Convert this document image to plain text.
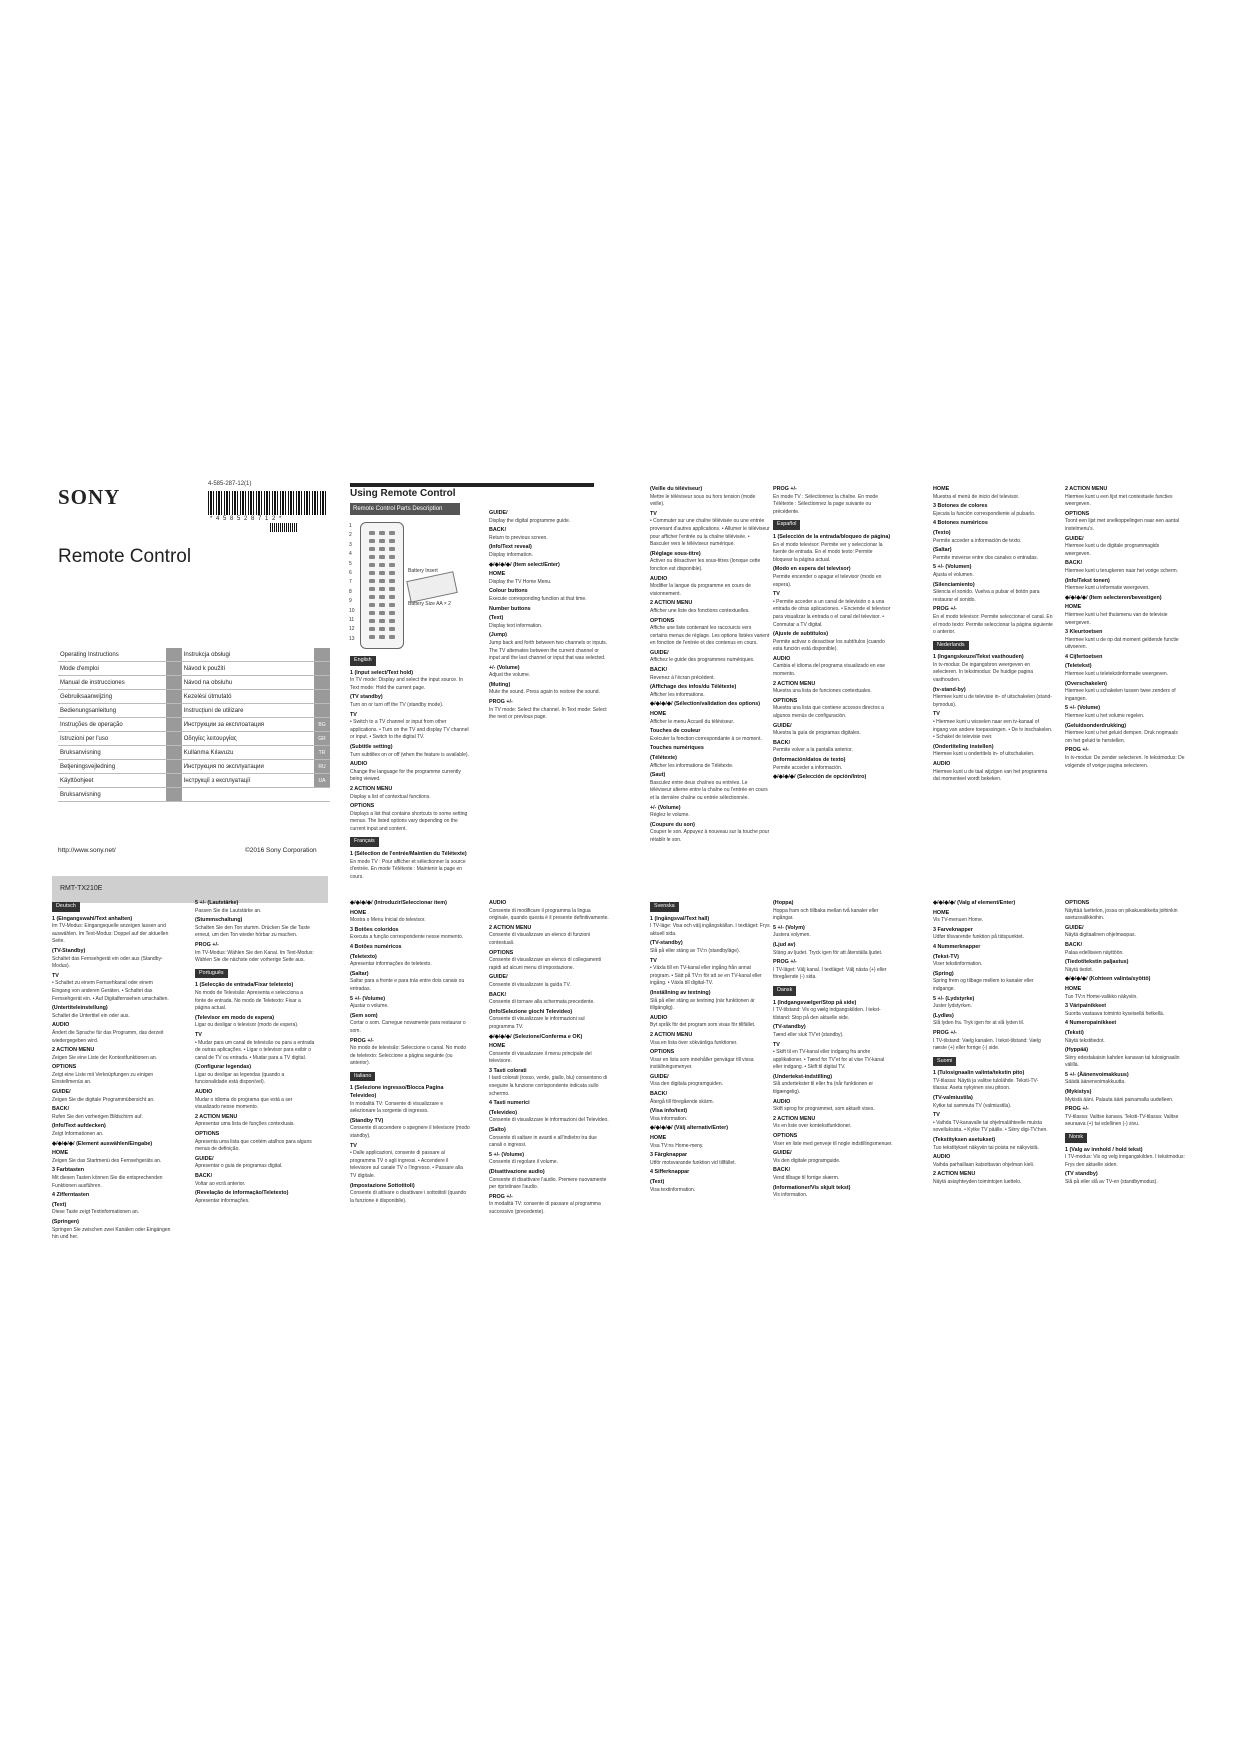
SONY
4-585-287-12(1)
* 4 5 8 5 2 8 7 1 2 *
Remote Control
Operating Instructions		Instrukcja obsługi	
Mode d'emploi		Návod k použití	
Manual de instrucciones		Návod na obsluhu	
Gebruiksaanwijzing		Kezelési útmutató	
Bedienungsanleitung		Instrucțiuni de utilizare	
Instruções de operação		Инструкции за експлоатация	BG
Istruzioni per l'uso		Οδηγίες λειτουργίας	GR
Bruksanvisning		Kullanma Kılavuzu	TR
Betjeningsvejledning		Инструкция по эксплуатации	RU
Käyttöohjeet		Інструкції з експлуатації	UA
Bruksanvisning			
http://www.sony.net/	©2016 Sony Corporation
RMT-TX210E
Using Remote Control
Remote Control Parts Description
1
2
3
4
5
6
7
8
9
10
11
12
13
Battery Insert
Battery Size AA × 2
English

1 (Input select/Text hold)
In TV mode: Display and select the input source. In Text mode: Hold the current page.
(TV standby)
Turn on or turn off the TV (standby mode).
TV
• Switch to a TV channel or input from other applications. • Turn on the TV and display TV channel or input. • Switch to the digital TV.
(Subtitle setting)
Turn subtitles on or off (when the feature is available).
AUDIO
Change the language for the programme currently being viewed.
2 ACTION MENU
Display a list of contextual functions.
OPTIONS
Displays a list that contains shortcuts to some setting menus. The listed options vary depending on the current input and content.
Français

1 (Sélection de l'entrée/Maintien du Télétexte)
En mode TV : Pour afficher et sélectionner la source d'entrée. En mode Télétexte : Maintenir la page en cours.
GUIDE/
Display the digital programme guide.
BACK/
Return to previous screen.
(Info/Text reveal)
Display information.
◆/◆/◆/◆/ (Item select/Enter)
HOME
Display the TV Home Menu.
Colour buttons
Execute corresponding function at that time.
Number buttons
(Text)
Display text information.
(Jump)
Jump back and forth between two channels or inputs. The TV alternates between the current channel or input and the last channel or input that was selected.
+/- (Volume)
Adjust the volume.
(Muting)
Mute the sound. Press again to restore the sound.
PROG +/-
In TV mode: Select the channel. In Text mode: Select the next or previous page.
(Veille du téléviseur)
Mettre le téléviseur sous ou hors tension (mode veille).
TV
• Commuter sur une chaîne télévisée ou une entrée provenant d'autres applications. • Allumer le téléviseur pour afficher l'entrée ou la chaîne télévisée. • Basculer vers le téléviseur numérique.
(Réglage sous-titre)
Activer ou désactiver les sous-titres (lorsque cette fonction est disponible).
AUDIO
Modifier la langue du programme en cours de visionnement.
2 ACTION MENU
Afficher une liste des fonctions contextuelles.
OPTIONS
Affiche une liste contenant les raccourcis vers certains menus de réglage. Les options listées varient en fonction de l'entrée et des contenus en cours.
GUIDE/
Affichez le guide des programmes numériques.
BACK/
Revenez à l'écran précédent.
(Affichage des infos/du Télétexte)
Afficher les informations.
◆/◆/◆/◆/ (Sélection/validation des options)
HOME
Afficher le menu Accueil du téléviseur.
Touches de couleur
Exécuter la fonction correspondante à ce moment.
Touches numériques
(Télétexte)
Afficher les informations de Télétexte.
(Saut)
Basculez entre deux chaînes ou entrées. Le téléviseur alterne entre la chaîne ou l'entrée en cours et la dernière chaîne ou entrée sélectionnée.
+/- (Volume)
Réglez le volume.
(Coupure du son)
Couper le son. Appuyez à nouveau sur la touche pour rétablir le son.
PROG +/-
En mode TV : Sélectionnez la chaîne. En mode Télétexte : Sélectionnez la page suivante ou précédente.
Español

1 (Selección de la entrada/bloqueo de página)
En el modo televisor: Permite ver y seleccionar la fuente de entrada. En el modo texto: Permite bloquear la página actual.
(Modo en espera del televisor)
Permite encender o apagar el televisor (modo en espera).
TV
• Permite acceder a un canal de televisión o a una entrada de otras aplicaciones. • Enciende el televisor para visualizar la entrada o el canal del televisor. • Conmutar a TV digital.
(Ajuste de subtítulos)
Permite activar o desactivar los subtítulos (cuando esta función está disponible).
AUDIO
Cambia el idioma del programa visualizado en ese momento.
2 ACTION MENU
Muestra una lista de funciones contextuales.
OPTIONS
Muestra una lista que contiene accesos directos a algunos menús de configuración.
GUIDE/
Muestra la guía de programas digitales.
BACK/
Permite volver a la pantalla anterior.
(Información/datos de texto)
Permite acceder a información.
◆/◆/◆/◆/ (Selección de opción/Intro)
HOME
Muestra el menú de inicio del televisor.
3 Botones de colores
Ejecuta la función correspondiente al pulsarlo.
4 Botones numéricos
(Texto)
Permite acceder a información de texto.
(Saltar)
Permite moverse entre dos canales o entradas.
5 +/- (Volumen)
Ajusta el volumen.
(Silenciamiento)
Silencia el sonido. Vuelva a pulsar el botón para restaurar el sonido.
PROG +/-
En el modo televisor: Permite seleccionar el canal. En el modo texto: Permite seleccionar la página siguiente o anterior.
Nederlands

1 (Ingangskeuze/Tekst vasthouden)
In tv-modus: De ingangsbron weergeven en selecteren. In tekstmodus: De huidige pagina vasthouden.
(tv-stand-by)
Hiermee kunt u de televisie in- of uitschakelen (stand-bymodus).
TV
• Hiermee kunt u wisselen naar een tv-kanaal of ingang van andere toepassingen. • De tv inschakelen. • Schakel de televisie over.
(Ondertiteling instellen)
Hiermee kunt u ondertitels in- of uitschakelen.
AUDIO
Hiermee kunt u de taal wijzigen van het programma dat momenteel wordt bekeken.
2 ACTION MENU
Hiermee kunt u een lijst met contextuele functies weergeven.
OPTIONS
Toont een lijst met snelkoppelingen naar een aantal instelmenu's.
GUIDE/
Hiermee kunt u de digitale programmagids weergeven.
BACK/
Hiermee kunt u terugkeren naar het vorige scherm.
(Info/Tekst tonen)
Hiermee kunt u informatie weergeven.
◆/◆/◆/◆/ (Item selecteren/bevestigen)
HOME
Hiermee kunt u het thuismenu van de televisie weergeven.
3 Kleurtoetsen
Hiermee kunt u de op dat moment geldende functie uitvoeren.
4 Cijfertoetsen
(Teletekst)
Hiermee kunt u teletekstinformatie weergeven.
(Overschakelen)
Hiermee kunt u schakelen tussen twee zenders of ingangen.
5 +/- (Volume)
Hiermee kunt u het volume regelen.
(Geluidsonderdrukking)
Hiermee kunt u het geluid dempen. Druk nogmaals om het geluid te herstellen.
PROG +/-
In tv-modus: De zender selecteren. In tekstmodus: De volgende of vorige pagina selecteren.
Deutsch

1 (Eingangswahl/Text anhalten)
Im TV-Modus: Eingangsquelle anzeigen lassen und auswählen. Im Text-Modus: Doppel auf der aktuellen Seite.
(TV-Standby)
Schaltet das Fernsehgerät ein oder aus (Standby-Modus).
TV
• Schaltet zu einem Fernsehkanal oder einem Eingang von anderen Geräten. • Schaltet das Fernsehgerät ein. • Auf Digitalfernsehen umschalten.
(Untertiteleinstellung)
Schaltet die Untertitel ein oder aus.
AUDIO
Ändert die Sprache für das Programm, das derzeit wiedergegeben wird.
2 ACTION MENU
Zeigen Sie eine Liste der Kontextfunktionen an.
OPTIONS
Zeigt eine Liste mit Verknüpfungen zu einigen Einstellmenüs an.
GUIDE/
Zeigen Sie die digitale Programmübersicht an.
BACK/
Rufen Sie den vorherigen Bildschirm auf.
(Info/Text aufdecken)
Zeigt Informationen an.
◆/◆/◆/◆/ (Element auswählen/Eingabe)
HOME
Zeigen Sie das Startmenü des Fernsehgeräts an.
3 Farbtasten
Mit diesen Tasten können Sie die entsprechenden Funktionen ausführen.
4 Zifferntasten
(Text)
Diese Taste zeigt Textinformationen an.
(Springen)
Springen Sie zwischen zwei Kanälen oder Eingängen hin und her.
5 +/- (Lautstärke)
Passen Sie die Lautstärke an.
(Stummschaltung)
Schalten Sie den Ton stumm. Drücken Sie die Taste erneut, um den Ton wieder hörbar zu machen.
PROG +/-
Im TV-Modus: Wählen Sie den Kanal. Im Text-Modus: Wählen Sie die nächste oder vorherige Seite aus.
Português

1 (Selecção de entrada/Fixar teletexto)
No modo de Televisão: Apresenta e selecciona a fonte de entrada. No modo de Teletexto: Fixar a página actual.
(Televisor em modo de espera)
Ligar ou desligar o televisor (modo de espera).
TV
• Mudar para um canal de televisão ou para a entrada de outras aplicações. • Ligar o televisor para exibir o canal de TV ou entrada. • Mudar para a TV digital.
(Configurar legendas)
Ligar ou desligar as legendas (quando a funcionalidade está disponível).
AUDIO
Mudar o idioma do programa que está a ser visualizado nesse momento.
2 ACTION MENU
Apresentar uma lista de funções contextuais.
OPTIONS
Apresenta uma lista que contém atalhos para alguns menus de definição.
GUIDE/
Apresentar o guia de programas digital.
BACK/
Voltar ao ecrã anterior.
(Revelação de informação/Teletexto)
Apresentar informações.
◆/◆/◆/◆/ (Introduzir/Seleccionar item)
HOME
Mostra o Menu Inicial do televisor.
3 Botões coloridos
Executa a função correspondente nesse momento.
4 Botões numéricos
(Teletexto)
Apresentar informações de teletexto.
(Saltar)
Saltar para a frente e para trás entre dois canais ou entradas.
5 +/- (Volume)
Ajustar o volume.
(Sem som)
Cortar o som. Carregue novamente para restaurar o som.
PROG +/-
No modo de televisão: Seleccione o canal. No modo de teletexto: Seleccione a página seguinte (ou anterior).
Italiano

1 (Selezione ingresso/Blocca Pagina Televideo)
In modalità TV: Consente di visualizzare e selezionare la sorgente di ingresso.
(Standby TV)
Consente di accendere o spegnere il televisore (modo standby).
TV
• Dalle applicazioni, consente di passare al programma TV o agli ingressi. • Accendere il televisore sul canale TV o l'ingresso. • Passare alla TV digitale.
(Impostazione Sottotitoli)
Consente di attivare o disattivare i sottotitoli (quando la funzione è disponibile).
AUDIO
Consente di modificare il programma la lingua originale, quando questa è il presente definitivamente.
2 ACTION MENU
Consente di visualizzare un elenco di funzioni contestuali.
OPTIONS
Consente di visualizzare un elenco di collegamenti rapidi ad alcuni menu di impostazione.
GUIDE/
Consente di visualizzare la guida TV.
BACK/
Consente di tornare alla schermata precedente.
(Info/Selezione giochi Televideo)
Consente di visualizzare le informazioni sul programma TV.
◆/◆/◆/◆/ (Selezione/Conferma e OK)
HOME
Consente di visualizzare il menu principale del televisore.
3 Tasti colorati
I tasti colorati (rosso, verde, giallo, blu) consentono di eseguire la funzione corrispondente indicata sullo schermo.
4 Tasti numerici
(Televideo)
Consente di visualizzare le informazioni del Televideo.
(Salto)
Consente di saltare in avanti e all'indietro tra due canali o ingressi.
5 +/- (Volume)
Consente di regolare il volume.
(Disattivazione audio)
Consente di disattivare l'audio. Premere nuovamente per ripristinare l'audio.
PROG +/-
In modalità TV: consente di passare al programma successivo (precedente).
Svenska

1 (Ingångsval/Text hall)
I TV-läge: Visa och välj ingångskällan. I textläget: Frys aktuell sida.
(TV-standby)
Slå på eller stäng av TV:n (standbyläge).
TV
• Växla till en TV-kanal eller ingång från annat program. • Sätt på TV:n för att se en TV-kanal eller ingång. • Växla till digital-TV.
(Inställning av textning)
Slå på eller stäng av textning (när funktionen är tillgänglig).
AUDIO
Byt språk för det program som visas för tillfället.
2 ACTION MENU
Visa en lista över sökvänliga funktioner.
OPTIONS
Visar en lista som innehåller genvägar till vissa inställningsmenyer.
GUIDE/
Visa den digitala programguiden.
BACK/
Återgå till föregående skärm.
(Visa info/text)
Visa information.
◆/◆/◆/◆/ (Välj alternativ/Enter)
HOME
Visa TV:ns Home-meny.
3 Färgknappar
Utför motsvarande funktion vid tillfället.
4 Sifferknappar
(Text)
Visa textinformation.
(Hoppa)
Hoppa fram och tillbaka mellan två kanaler eller ingångar.
5 +/- (Volym)
Justera volymen.
(Ljud av)
Stäng av ljudet. Tryck igen för att återställa ljudet.
PROG +/-
I TV-läget: Välj kanal. I textläget: Välj nästa (+) eller föregående (-) sida.
Dansk

1 (Indgangsvælger/Stop på side)
I TV-tilstand: Vis og vælg indgangskilden. I tekst-tilstand: Stop på den aktuelle side.
(TV-standby)
Tænd eller sluk TV'et (standby).
TV
• Skift til en TV-kanal eller indgang fra andre applikationer. • Tænd for TV'et for at vise TV-kanal eller indgang. • Skift til digital TV.
(Undertekst-indstilling)
Slå undertekster til eller fra (når funktionen er tilgængelig).
AUDIO
Skift sprog for programmet, som aktuelt vises.
2 ACTION MENU
Vis en liste over kontekstfunktioner.
OPTIONS
Viser en liste med genveje til nogle indstillingsmenuer.
GUIDE/
Vis den digitale programguide.
BACK/
Vend tilbage til forrige skærm.
(Informationer/Vis skjult tekst)
Vis information.
◆/◆/◆/◆/ (Valg af element/Enter)
HOME
Vis TV-menuen Home.
3 Farveknapper
Udfør tilsvarende funktion på tidspunktet.
4 Nummerknapper
(Tekst-TV)
Viser tekstinformation.
(Spring)
Spring frem og tilbage mellem to kanaler eller indgange.
5 +/- (Lydstyrke)
Juster lydstyrken.
(Lydløs)
Slå lyden fra. Tryk igen for at slå lyden til.
PROG +/-
I TV-tilstand: Vælg kanalen. I tekst-tilstand: Vælg næste (+) eller forrige (-) side.
Suomi

1 (Tulosignaalin valinta/tekstin pito)
TV-tilassa: Näytä ja valitse tulolähde. Teksti-TV-tilassa: Aseta nykyinen sivu pitoon.
(TV-valmiustila)
Kytke tai sammuta TV (valmiustila).
TV
• Vaihda TV-kanavalle tai ohjelmalähteelle muista sovelluksista. • Kytke TV päälle. • Siirry digi-TV:hen.
(Tekstityksen asetukset)
Tuo tekstitykset näkyviin tai poista ne näkyvistä.
AUDIO
Vaihda parhaillaan katsottavan ohjelman kieli.
2 ACTION MENU
Näytä asiayhteyden toimintojen luettelo.
OPTIONS
Näyttää luettelon, jossa on pikakuvakkeita joihinkin asetusvalikkoihin.
GUIDE/
Näytä digitaalinen ohjelmaopas.
BACK/
Palaa edelliseen näyttöön.
(Tiedot/tekstin paljastus)
Näytä tiedot.
◆/◆/◆/◆/ (Kohteen valinta/syöttö)
HOME
Tuo TV:n Home-valikko näkyviin.
3 Väripainikkeet
Suorita vastaava toiminto kyseisellä hetkellä.
4 Numeropainikkeet
(Teksti)
Näytä tekstitiedot.
(Hyppää)
Siirry edestakaisin kahden kanavan tai tulosignaalin välillä.
5 +/- (Äänenvoimakkuus)
Säädä äänenvoimakkuutta.
(Mykistys)
Mykistä ääni. Palauta ääni painamalla uudelleen.
PROG +/-
TV-tilassa: Valitse kanava. Teksti-TV-tilassa: Valitse seuraava (+) tai edellinen (-) sivu.
Norsk

1 (Valg av innhold / hold tekst)
I TV-modus: Vis og velg inngangskilden. I tekstmodus: Frys den aktuelle siden.
(TV standby)
Slå på eller slå av TV-en (standbymodus).
